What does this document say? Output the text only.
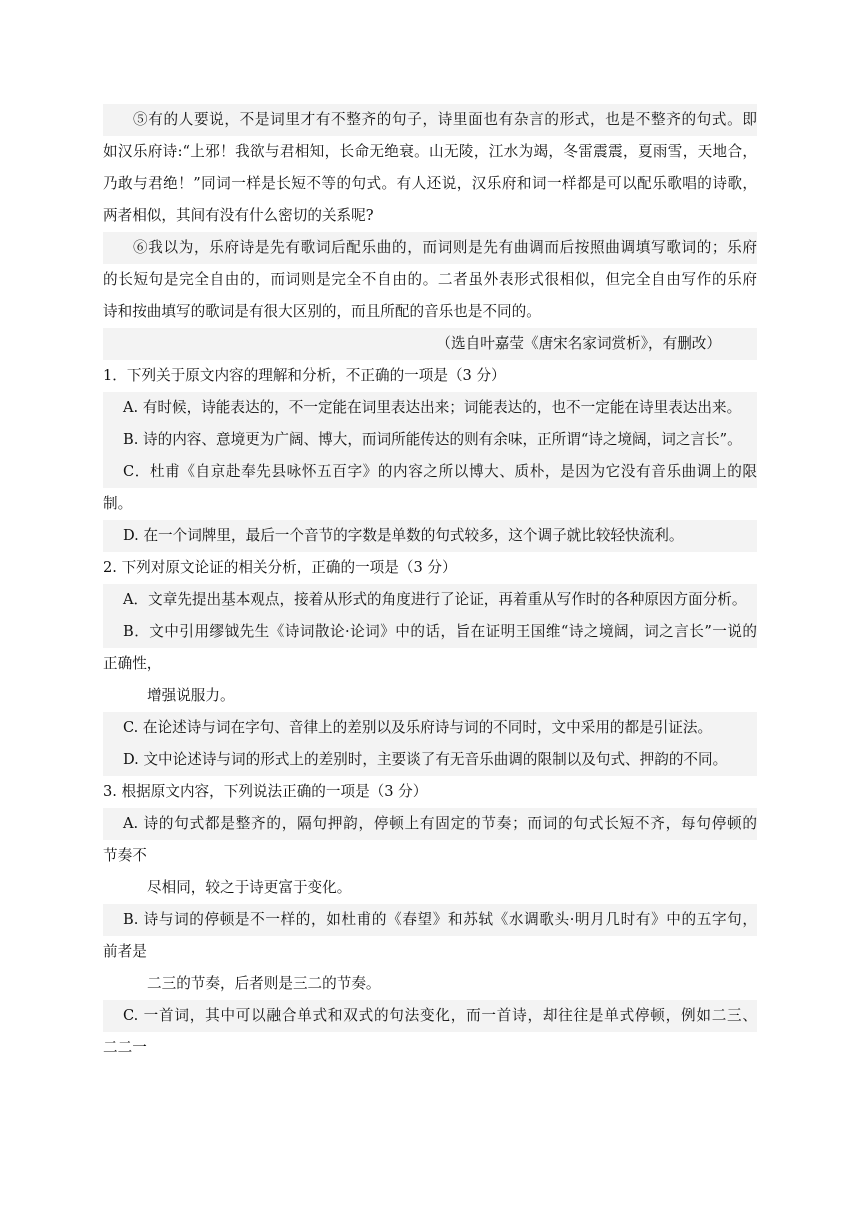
⑤有的人要说，不是词里才有不整齐的句子，诗里面也有杂言的形式，也是不整齐的句式。即
如汉乐府诗:“上邪！我欲与君相知，长命无绝衰。山无陵，江水为竭，冬雷震震，夏雨雪，天地合，
乃敢与君绝！”同词一样是长短不等的句式。有人还说，汉乐府和词一样都是可以配乐歌唱的诗歌，
两者相似，其间有没有什么密切的关系呢?
⑥我以为，乐府诗是先有歌词后配乐曲的，而词则是先有曲调而后按照曲调填写歌词的；乐府
的长短句是完全自由的，而词则是完全不自由的。二者虽外表形式很相似，但完全自由写作的乐府
诗和按曲填写的歌词是有很大区别的，而且所配的音乐也是不同的。
（选自叶嘉莹《唐宋名家词赏析》，有删改）
1．下列关于原文内容的理解和分析，不正确的一项是（3 分）
A. 有时候，诗能表达的，不一定能在词里表达出来；词能表达的，也不一定能在诗里表达出来。
B. 诗的内容、意境更为广阔、博大，而词所能传达的则有余味，正所谓“诗之境阔，词之言长”。
C．杜甫《自京赴奉先县咏怀五百字》的内容之所以博大、质朴，是因为它没有音乐曲调上的限
制。
D. 在一个词牌里，最后一个音节的字数是单数的句式较多，这个调子就比较轻快流利。
2. 下列对原文论证的相关分析，正确的一项是（3 分）
A．文章先提出基本观点，接着从形式的角度进行了论证，再着重从写作时的各种原因方面分析。
B．文中引用缪钺先生《诗词散论·论词》中的话，旨在证明王国维“诗之境阔，词之言长”一说的
正确性，
增强说服力。
C. 在论述诗与词在字句、音律上的差别以及乐府诗与词的不同时，文中采用的都是引证法。
D. 文中论述诗与词的形式上的差别时，主要谈了有无音乐曲调的限制以及句式、押韵的不同。
3. 根据原文内容，下列说法正确的一项是（3 分）
A. 诗的句式都是整齐的，隔句押韵，停顿上有固定的节奏；而词的句式长短不齐，每句停顿的
节奏不
尽相同，较之于诗更富于变化。
B. 诗与词的停顿是不一样的，如杜甫的《春望》和苏轼《水调歌头·明月几时有》中的五字句，
前者是
二三的节奏，后者则是三二的节奏。
C. 一首词，其中可以融合单式和双式的句法变化，而一首诗，却往往是单式停顿，例如二三、
二二一
